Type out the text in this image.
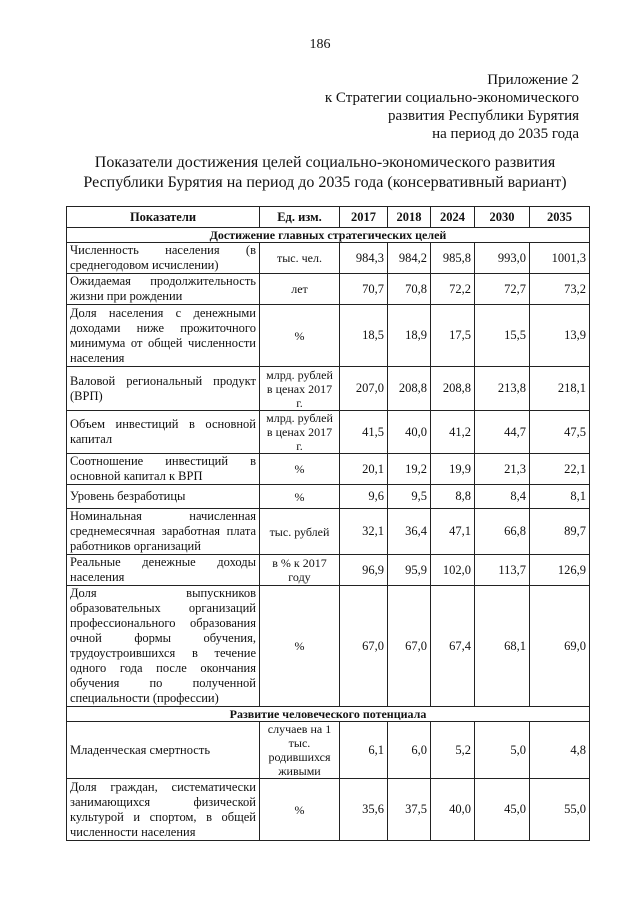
186
Приложение 2
к Стратегии социально-экономического
развития Республики Бурятия
на период до 2035 года
Показатели достижения целей социально-экономического развития
Республики Бурятия на период до 2035 года (консервативный вариант)
Показатели	Ед. изм.	2017	2018	2024	2030	2035
Достижение главных стратегических целей						
Численность населения (в среднегодовом исчислении)	тыс. чел.	984,3	984,2	985,8	993,0	1001,3
Ожидаемая продолжительность жизни при рождении	лет	70,7	70,8	72,2	72,7	73,2
Доля населения с денежными доходами ниже прожиточного минимума от общей численности населения	%	18,5	18,9	17,5	15,5	13,9
Валовой региональный продукт (ВРП)	млрд. рублей в ценах 2017 г.	207,0	208,8	208,8	213,8	218,1
Объем инвестиций в основной капитал	млрд. рублей в ценах 2017 г.	41,5	40,0	41,2	44,7	47,5
Соотношение инвестиций в основной капитал к ВРП	%	20,1	19,2	19,9	21,3	22,1
Уровень безработицы	%	9,6	9,5	8,8	8,4	8,1
Номинальная начисленная среднемесячная заработная плата работников организаций	тыс. рублей	32,1	36,4	47,1	66,8	89,7
Реальные денежные доходы населения	в % к 2017 году	96,9	95,9	102,0	113,7	126,9
Доля выпускников образовательных организаций профессионального образования очной формы обучения, трудоустроившихся в течение одного года после окончания обучения по полученной специальности (профессии)	%	67,0	67,0	67,4	68,1	69,0
Развитие человеческого потенциала						
Младенческая смертность	случаев на 1 тыс. родившихся живыми	6,1	6,0	5,2	5,0	4,8
Доля граждан, систематически занимающихся физической культурой и спортом, в общей численности населения	%	35,6	37,5	40,0	45,0	55,0
